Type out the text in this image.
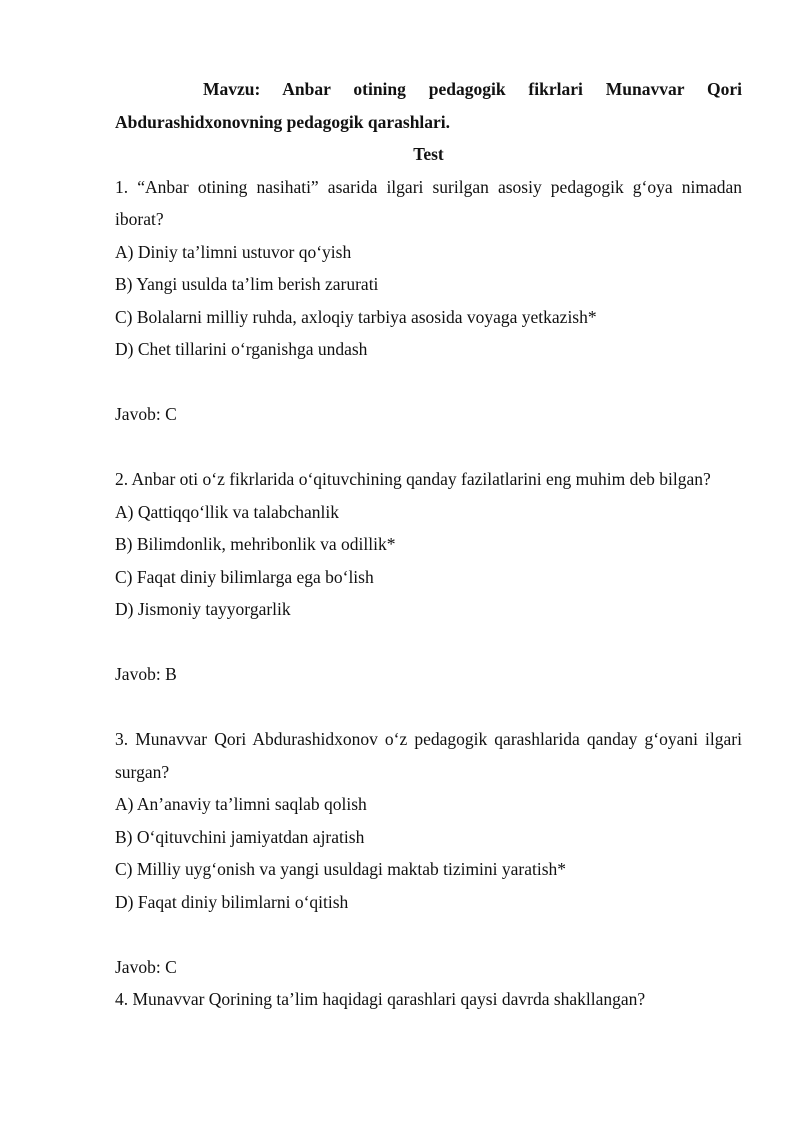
Mavzu: Anbar otining pedagogik fikrlari Munavvar Qori Abdurashidxonovning pedagogik qarashlari.

Test

1. “Anbar otining nasihati” asarida ilgari surilgan asosiy pedagogik g‘oya nimadan iborat?

A) Diniy ta’limni ustuvor qo‘yish

B) Yangi usulda ta’lim berish zarurati

C) Bolalarni milliy ruhda, axloqiy tarbiya asosida voyaga yetkazish*

D) Chet tillarini o‘rganishga undash

Javob: C

2. Anbar oti o‘z fikrlarida o‘qituvchining qanday fazilatlarini eng muhim deb bilgan?

A) Qattiqqo‘llik va talabchanlik

B) Bilimdonlik, mehribonlik va odillik*

C) Faqat diniy bilimlarga ega bo‘lish

D) Jismoniy tayyorgarlik

Javob: B

3. Munavvar Qori Abdurashidxonov o‘z pedagogik qarashlarida qanday g‘oyani ilgari surgan?

A) An’anaviy ta’limni saqlab qolish

B) O‘qituvchini jamiyatdan ajratish

C) Milliy uyg‘onish va yangi usuldagi maktab tizimini yaratish*

D) Faqat diniy bilimlarni o‘qitish

Javob: C

4. Munavvar Qorining ta’lim haqidagi qarashlari qaysi davrda shakllangan?
